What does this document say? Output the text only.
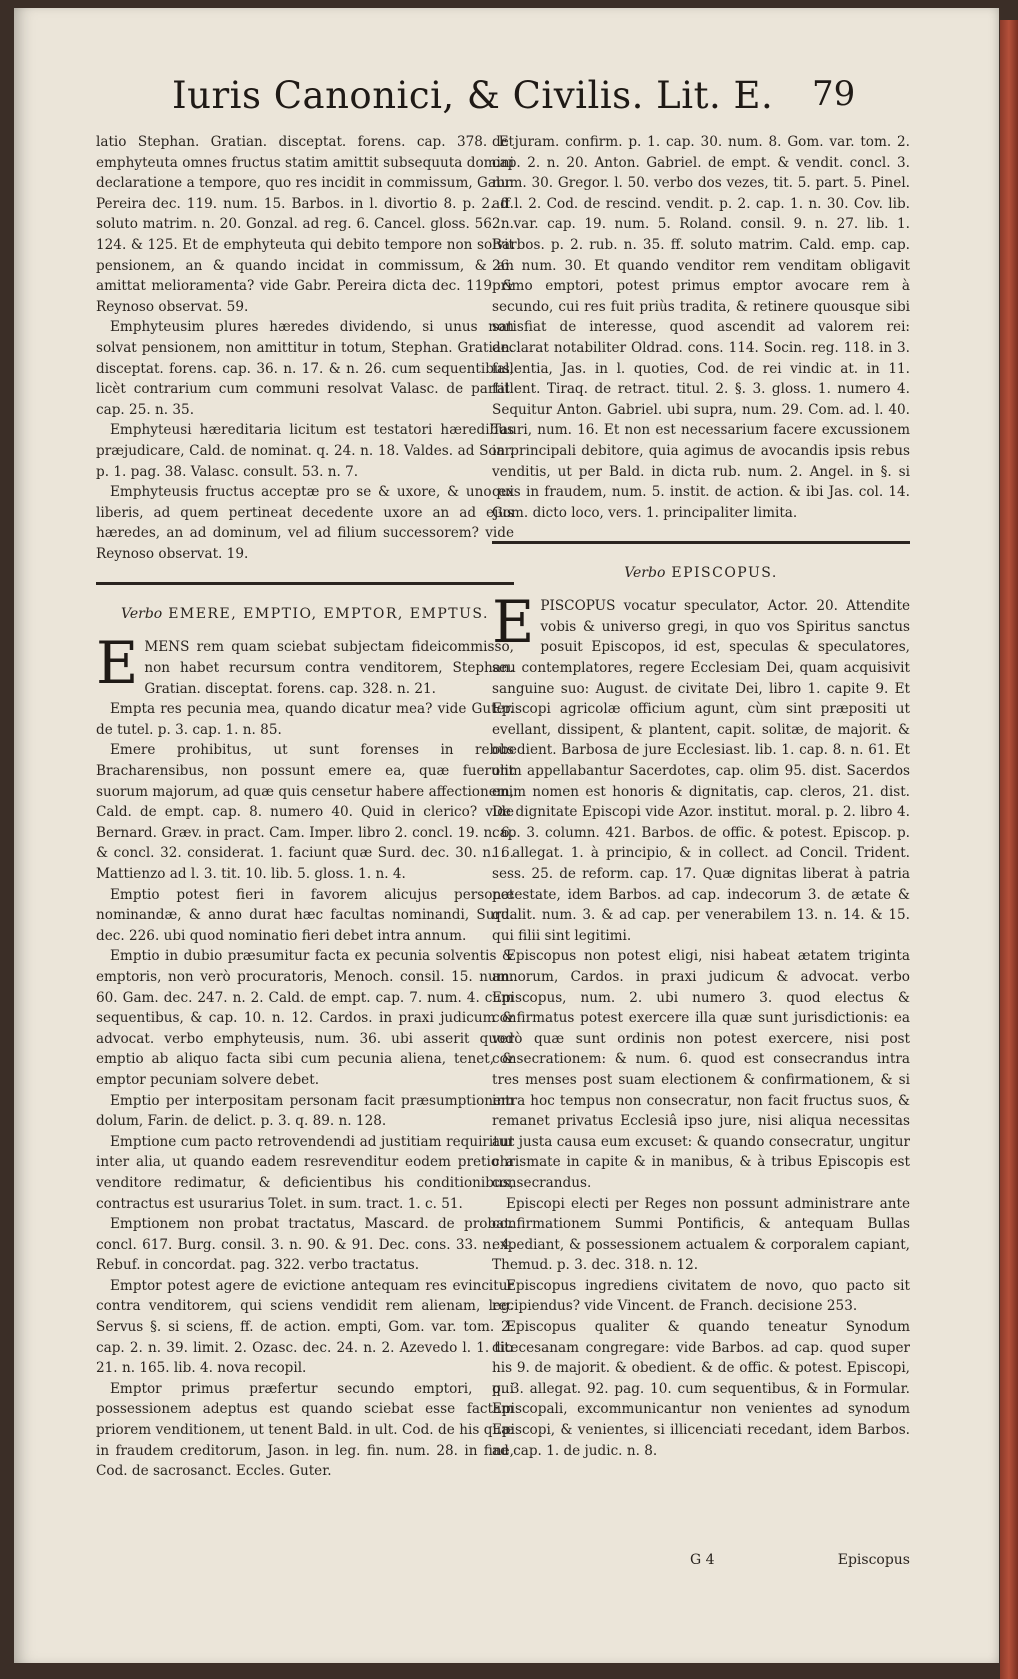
Iuris Canonici, & Civilis. Lit. E. 79

latio Stephan. Gratian. disceptat. forens. cap. 378. Et emphyteuta omnes fructus statim amittit subsequuta domini declaratione a tempore, quo res incidit in commissum, Gabr. Pereira dec. 119. num. 15. Barbos. in l. divortio 8. p. 2. ff. soluto matrim. n. 20. Gonzal. ad reg. 6. Cancel. gloss. 56. n. 124. & 125. Et de emphyteuta qui debito tempore non solvit pensionem, an & quando incidat in commissum, & an amittat melioramenta? vide Gabr. Pereira dicta dec. 119. & Reynoso observat. 59.

Emphyteusim plures hæredes dividendo, si unus non solvat pensionem, non amittitur in totum, Stephan. Gratian. disceptat. forens. cap. 36. n. 17. & n. 26. cum sequentibus, licèt contrarium cum communi resolvat Valasc. de partit. cap. 25. n. 35.

Emphyteusi hæreditaria licitum est testatori hæredibus præjudicare, Cald. de nominat. q. 24. n. 18. Valdes. ad Soar. p. 1. pag. 38. Valasc. consult. 53. n. 7.

Emphyteusis fructus acceptæ pro se & uxore, & uno ex liberis, ad quem pertineat decedente uxore an ad ejus hæredes, an ad dominum, vel ad filium successorem? vide Reynoso observat. 19.

Verbo EMERE, EMPTIO, EMPTOR, EMPTUS.

EMENS rem quam sciebat subjectam fideicommisso, non habet recursum contra venditorem, Stephan. Gratian. disceptat. forens. cap. 328. n. 21.

Empta res pecunia mea, quando dicatur mea? vide Guter. de tutel. p. 3. cap. 1. n. 85.

Emere prohibitus, ut sunt forenses in rebus Bracharensibus, non possunt emere ea, quæ fuerunt suorum majorum, ad quæ quis censetur habere affectionem, Cald. de empt. cap. 8. numero 40. Quid in clerico? vide Bernard. Græv. in pract. Cam. Imper. libro 2. concl. 19. n. 6. & concl. 32. considerat. 1. faciunt quæ Surd. dec. 30. n. 6. Mattienzo ad l. 3. tit. 10. lib. 5. gloss. 1. n. 4.

Emptio potest fieri in favorem alicujus personæ nominandæ, & anno durat hæc facultas nominandi, Surd. dec. 226. ubi quod nominatio fieri debet intra annum.

Emptio in dubio præsumitur facta ex pecunia solventis & emptoris, non verò procuratoris, Menoch. consil. 15. num. 60. Gam. dec. 247. n. 2. Cald. de empt. cap. 7. num. 4. cum sequentibus, & cap. 10. n. 12. Cardos. in praxi judicum & advocat. verbo emphyteusis, num. 36. ubi asserit quod emptio ab aliquo facta sibi cum pecunia aliena, tenet, & emptor pecuniam solvere debet.

Emptio per interpositam personam facit præsumptionem dolum, Farin. de delict. p. 3. q. 89. n. 128.

Emptione cum pacto retrovendendi ad justitiam requiritur inter alia, ut quando eadem resrevenditur eodem pretio a venditore redimatur, & deficientibus his conditionibus, contractus est usurarius Tolet. in sum. tract. 1. c. 51.

Emptionem non probat tractatus, Mascard. de probat. concl. 617. Burg. consil. 3. n. 90. & 91. Dec. cons. 33. n. 4. Rebuf. in concordat. pag. 322. verbo tractatus.

Emptor potest agere de evictione antequam res evincitur contra venditorem, qui sciens vendidit rem alienam, leg. Servus §. si sciens, ff. de action. empti, Gom. var. tom. 2. cap. 2. n. 39. limit. 2. Ozasc. dec. 24. n. 2. Azevedo l. 1. tit. 21. n. 165. lib. 4. nova recopil.

Emptor primus præfertur secundo emptori, qui possessionem adeptus est quando sciebat esse factam priorem venditionem, ut tenent Bald. in ult. Cod. de his quæ in fraudem creditorum, Jason. in leg. fin. num. 28. in fine, Cod. de sacrosanct. Eccles. Guter.

de juram. confirm. p. 1. cap. 30. num. 8. Gom. var. tom. 2. cap. 2. n. 20. Anton. Gabriel. de empt. & vendit. concl. 3. num. 30. Gregor. l. 50. verbo dos vezes, tit. 5. part. 5. Pinel. ad l. 2. Cod. de rescind. vendit. p. 2. cap. 1. n. 30. Cov. lib. 2. var. cap. 19. num. 5. Roland. consil. 9. n. 27. lib. 1. Barbos. p. 2. rub. n. 35. ff. soluto matrim. Cald. emp. cap. 26. num. 30. Et quando venditor rem venditam obligavit primo emptori, potest primus emptor avocare rem à secundo, cui res fuit priùs tradita, & retinere quousque sibi satisfiat de interesse, quod ascendit ad valorem rei: declarat notabiliter Oldrad. cons. 114. Socin. reg. 118. in 3. fallentia, Jas. in l. quoties, Cod. de rei vindic at. in 11. fallent. Tiraq. de retract. titul. 2. §. 3. gloss. 1. numero 4. Sequitur Anton. Gabriel. ubi supra, num. 29. Com. ad. l. 40. Tauri, num. 16. Et non est necessarium facere excussionem in principali debitore, quia agimus de avocandis ipsis rebus venditis, ut per Bald. in dicta rub. num. 2. Angel. in §. si quis in fraudem, num. 5. instit. de action. & ibi Jas. col. 14. Gom. dicto loco, vers. 1. principaliter limita.

Verbo EPISCOPUS.

EPISCOPUS vocatur speculator, Actor. 20. Attendite vobis & universo gregi, in quo vos Spiritus sanctus posuit Episcopos, id est, speculas & speculatores, seu contemplatores, regere Ecclesiam Dei, quam acquisivit sanguine suo: August. de civitate Dei, libro 1. capite 9. Et Episcopi agricolæ officium agunt, cùm sint præpositi ut evellant, dissipent, & plantent, capit. solitæ, de majorit. & obedient. Barbosa de jure Ecclesiast. lib. 1. cap. 8. n. 61. Et olim appellabantur Sacerdotes, cap. olim 95. dist. Sacerdos enim nomen est honoris & dignitatis, cap. cleros, 21. dist. De dignitate Episcopi vide Azor. institut. moral. p. 2. libro 4. cap. 3. column. 421. Barbos. de offic. & potest. Episcop. p. 1. allegat. 1. à principio, & in collect. ad Concil. Trident. sess. 25. de reform. cap. 17. Quæ dignitas liberat à patria potestate, idem Barbos. ad cap. indecorum 3. de ætate & qualit. num. 3. & ad cap. per venerabilem 13. n. 14. & 15. qui filii sint legitimi.

Episcopus non potest eligi, nisi habeat ætatem triginta annorum, Cardos. in praxi judicum & advocat. verbo Episcopus, num. 2. ubi numero 3. quod electus & confirmatus potest exercere illa quæ sunt jurisdictionis: ea verò quæ sunt ordinis non potest exercere, nisi post consecrationem: & num. 6. quod est consecrandus intra tres menses post suam electionem & confirmationem, & si intra hoc tempus non consecratur, non facit fructus suos, & remanet privatus Ecclesiâ ipso jure, nisi aliqua necessitas aut justa causa eum excuset: & quando consecratur, ungitur chrismate in capite & in manibus, & à tribus Episcopis est consecrandus.

Episcopi electi per Reges non possunt administrare ante confirmationem Summi Pontificis, & antequam Bullas expediant, & possessionem actualem & corporalem capiant, Themud. p. 3. dec. 318. n. 12.

Episcopus ingrediens civitatem de novo, quo pacto sit recipiendus? vide Vincent. de Franch. decisione 253.

Episcopus qualiter & quando teneatur Synodum diœcesanam congregare: vide Barbos. ad cap. quod super his 9. de majorit. & obedient. & de offic. & potest. Episcopi, p. 3. allegat. 92. pag. 10. cum sequentibus, & in Formular. Episcopali, excommunicantur non venientes ad synodum Episcopi, & venientes, si illicenciati recedant, idem Barbos. ad cap. 1. de judic. n. 8.

G 4	Episcopus
